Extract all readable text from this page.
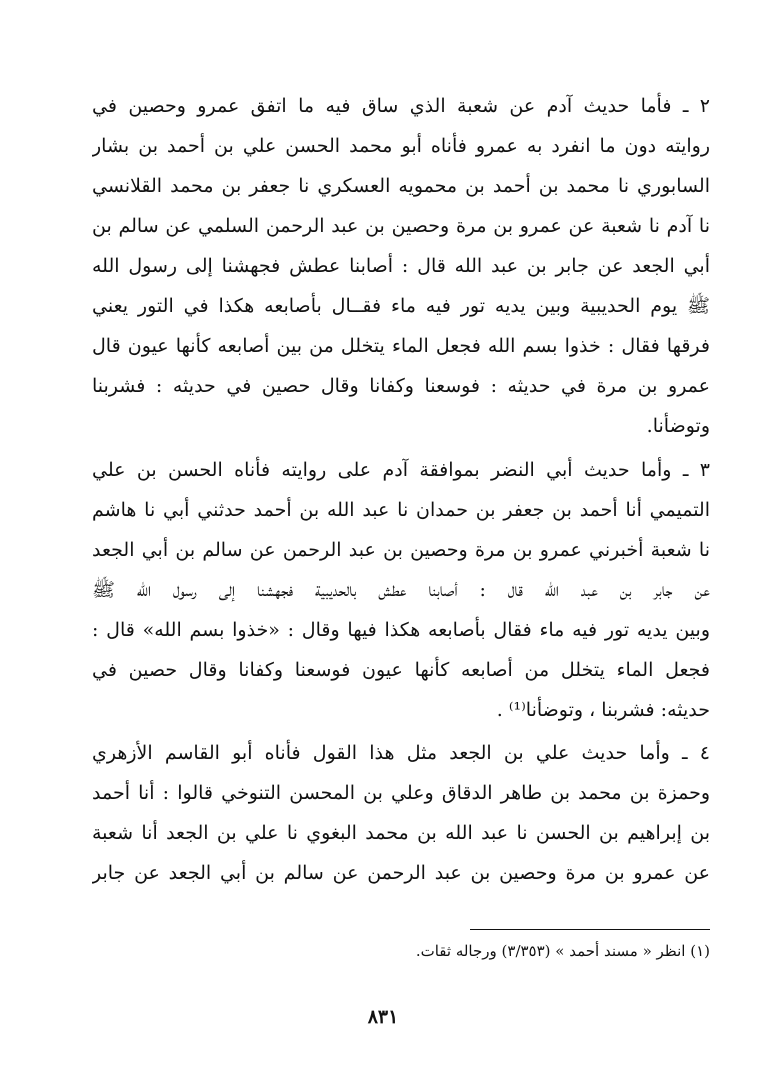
٢ ـ فأما حديث آدم عن شعبة الذي ساق فيه ما اتفق عمرو وحصين في
روايته دون ما انفرد به عمرو فأناه أبو محمد الحسن علي بن أحمد بن بشار
السابوري نا محمد بن أحمد بن محمويه العسكري نا جعفر بن محمد القلانسي
نا آدم نا شعبة عن عمرو بن مرة وحصين بن عبد الرحمن السلمي عن سالم بن
أبي الجعد عن جابر بن عبد الله قال : أصابنا عطش فجهشنا إلى رسول الله
ﷺ يوم الحديبية وبين يديه تور فيه ماء فقــال بأصابعه هكذا في التور يعني
فرقها فقال : خذوا بسم الله فجعل الماء يتخلل من بين أصابعه كأنها عيون قال
عمرو بن مرة في حديثه : فوسعنا وكفانا وقال حصين في حديثه : فشربنا
وتوضأنا.
٣ ـ وأما حديث أبي النضر بموافقة آدم على روايته فأناه الحسن بن علي
التميمي أنا أحمد بن جعفر بن حمدان نا عبد الله بن أحمد حدثني أبي نا هاشم
نا شعبة أخبرني عمرو بن مرة وحصين بن عبد الرحمن عن سالم بن أبي الجعد
عن جابر بن عبد الله قال : أصابنا عطش بالحديبية فجهشنا إلى رسول الله ﷺ
وبين يديه تور فيه ماء فقال بأصابعه هكذا فيها وقال : «خذوا بسم الله» قال :
فجعل الماء يتخلل من أصابعه كأنها عيون فوسعنا وكفانا وقال حصين في
حديثه: فشربنا ، وتوضأنا⁽¹⁾ .
٤ ـ وأما حديث علي بن الجعد مثل هذا القول فأناه أبو القاسم الأزهري
وحمزة بن محمد بن طاهر الدقاق وعلي بن المحسن التنوخي قالوا : أنا أحمد
بن إبراهيم بن الحسن نا عبد الله بن محمد البغوي نا علي بن الجعد أنا شعبة
عن عمرو بن مرة وحصين بن عبد الرحمن عن سالم بن أبي الجعد عن جابر
(١) انظر « مسند أحمد » (٣/٣٥٣) ورجاله ثقات.
٨٣١
